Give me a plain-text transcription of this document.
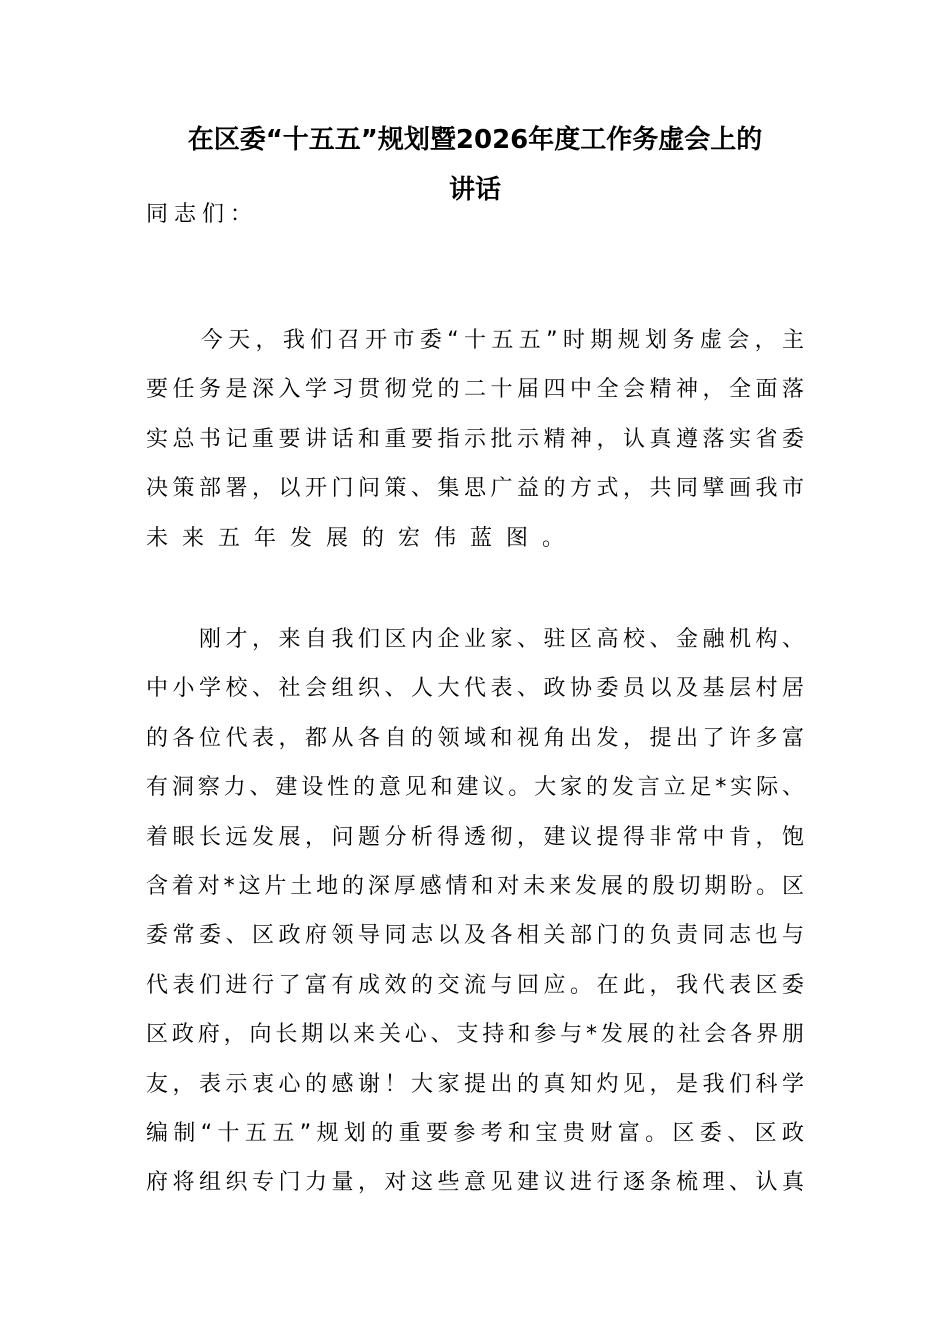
在区委“十五五”规划暨2026年度工作务虚会上的
讲话
同志们：
　　今天，我们召开市委“十五五”时期规划务虚会，主
要任务是深入学习贯彻党的二十届四中全会精神，全面落
实总书记重要讲话和重要指示批示精神，认真遵落实省委
决策部署，以开门问策、集思广益的方式，共同擘画我市
未来五年发展的宏伟蓝图。
　　刚才，来自我们区内企业家、驻区高校、金融机构、
中小学校、社会组织、人大代表、政协委员以及基层村居
的各位代表，都从各自的领域和视角出发，提出了许多富
有洞察力、建设性的意见和建议。大家的发言立足*实际、
着眼长远发展，问题分析得透彻，建议提得非常中肯，饱
含着对*这片土地的深厚感情和对未来发展的殷切期盼。区
委常委、区政府领导同志以及各相关部门的负责同志也与
代表们进行了富有成效的交流与回应。在此，我代表区委
区政府，向长期以来关心、支持和参与*发展的社会各界朋
友，表示衷心的感谢！大家提出的真知灼见，是我们科学
编制“十五五”规划的重要参考和宝贵财富。区委、区政
府将组织专门力量，对这些意见建议进行逐条梳理、认真
